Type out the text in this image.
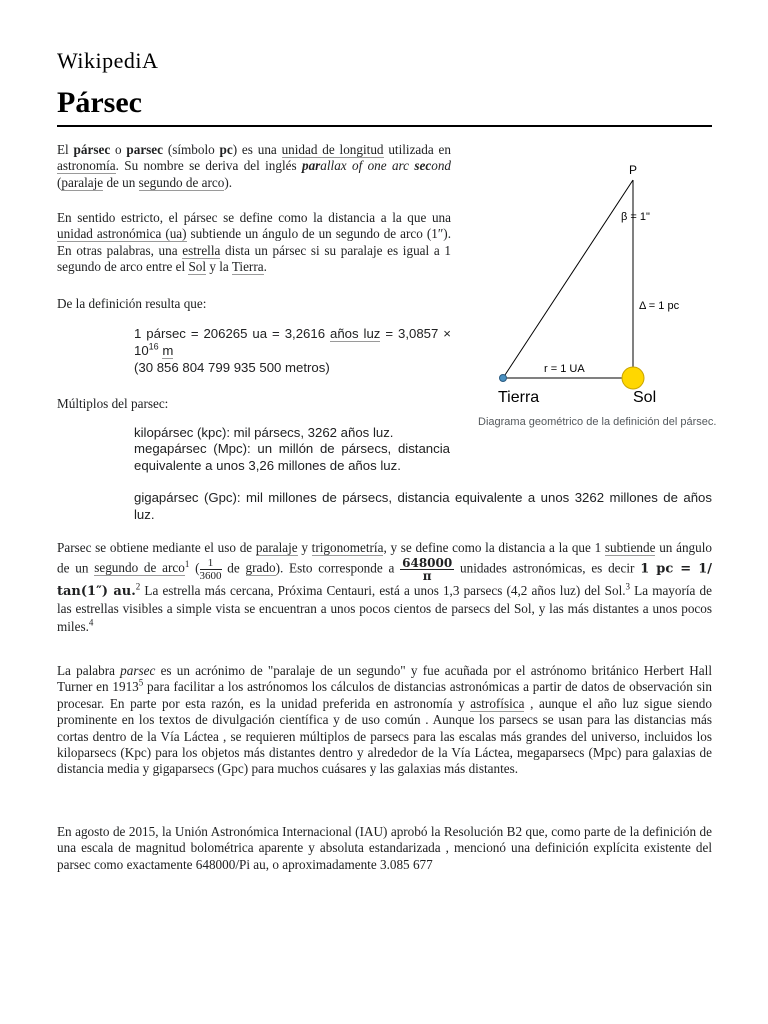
WikipediA
Pársec

El pársec o parsec (símbolo pc) es una unidad de longitud utilizada en astronomía. Su nombre se deriva del inglés parallax of one arc second (paralaje de un segundo de arco).

En sentido estricto, el pársec se define como la distancia a la que una unidad astronómica (ua) subtiende un ángulo de un segundo de arco (1″). En otras palabras, una estrella dista un pársec si su paralaje es igual a 1 segundo de arco entre el Sol y la Tierra.

De la definición resulta que:

1 pársec = 206265 ua = 3,2616 años luz = $3,0857 \times 10^{16}$ m
(30 856 804 799 935 500 metros)

Múltiplos del parsec:

kilopársec (kpc): mil pársecs, 3262 años luz.
megapársec (Mpc): un millón de pársecs, distancia equivalente a unos 3,26 millones de años luz.
gigapársec (Gpc): mil millones de pársecs, distancia equivalente a unos 3262 millones de años luz.
P
β = 1"
Δ = 1 pc
r = 1 UA
Tierra	Sol
Diagrama geométrico de la definición del pársec.

Parsec se obtiene mediante el uso de paralaje y trigonometría, y se define como la distancia a la que 1 subtiende un ángulo de un segundo de arco$^1$ ( $\frac{1}{3600}$ de grado). Esto corresponde a $\frac{648000}{\pi}$ unidades astronómicas, es decir 1 pc = 1/ tan(1″) au.$^2$ La estrella más cercana, Próxima Centauri, está a unos 1,3 parsecs (4,2 años luz) del Sol.$^3$ La mayoría de las estrellas visibles a simple vista se encuentran a unos pocos cientos de parsecs del Sol, y las más distantes a unos pocos miles.$^4$

La palabra parsec es un acrónimo de "paralaje de un segundo" y fue acuñada por el astrónomo británico Herbert Hall Turner en 1913$^5$ para facilitar a los astrónomos los cálculos de distancias astronómicas a partir de datos de observación sin procesar. En parte por esta razón, es la unidad preferida en astronomía y astrofísica , aunque el año luz sigue siendo prominente en los textos de divulgación científica y de uso común . Aunque los parsecs se usan para las distancias más cortas dentro de la Vía Láctea , se requieren múltiplos de parsecs para las escalas más grandes del universo, incluidos los kiloparsecs (Kpc) para los objetos más distantes dentro y alrededor de la Vía Láctea, megaparsecs (Mpc) para galaxias de distancia media y gigaparsecs (Gpc) para muchos cuásares y las galaxias más distantes.

En agosto de 2015, la Unión Astronómica Internacional (IAU) aprobó la Resolución B2 que, como parte de la definición de una escala de magnitud bolométrica aparente y absoluta estandarizada , mencionó una definición explícita existente del parsec como exactamente 648000/Pi au, o aproximadamente 3.085 677
